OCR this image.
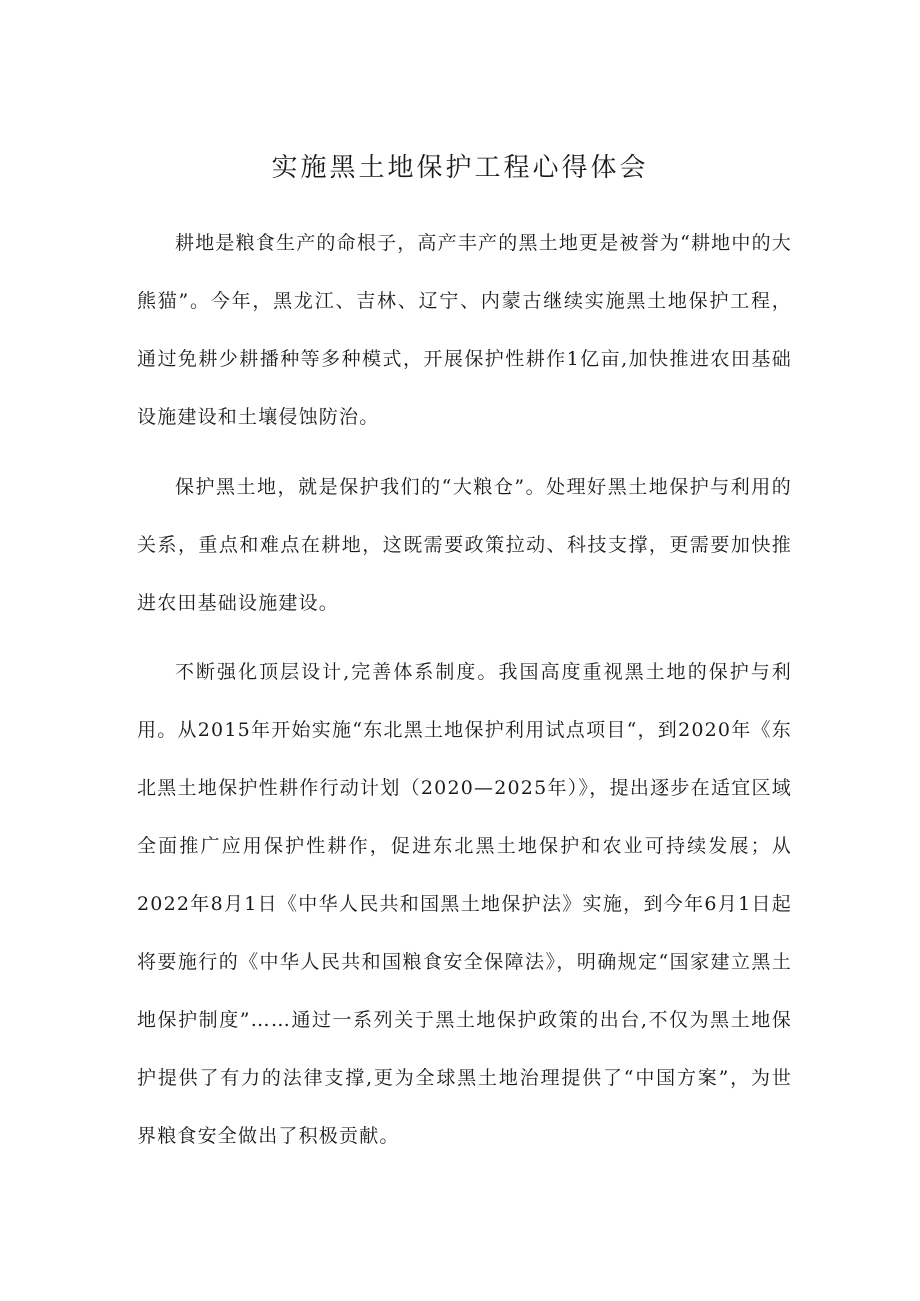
实施黑土地保护工程心得体会

耕地是粮食生产的命根子，高产丰产的黑土地更是被誉为“耕地中的大熊猫”。今年，黑龙江、吉林、辽宁、内蒙古继续实施黑土地保护工程，通过免耕少耕播种等多种模式，开展保护性耕作1亿亩,加快推进农田基础设施建设和土壤侵蚀防治。

保护黑土地，就是保护我们的“大粮仓”。处理好黑土地保护与利用的关系，重点和难点在耕地，这既需要政策拉动、科技支撑，更需要加快推进农田基础设施建设。

不断强化顶层设计,完善体系制度。我国高度重视黑土地的保护与利用。从2015年开始实施“东北黑土地保护利用试点项目“，到2020年《东北黑土地保护性耕作行动计划（2020—2025年）》，提出逐步在适宜区域全面推广应用保护性耕作，促进东北黑土地保护和农业可持续发展；从2022年8月1日《中华人民共和国黑土地保护法》实施，到今年6月1日起将要施行的《中华人民共和国粮食安全保障法》，明确规定“国家建立黑土地保护制度”……通过一系列关于黑土地保护政策的出台,不仅为黑土地保护提供了有力的法律支撑,更为全球黑土地治理提供了“中国方案”，为世界粮食安全做出了积极贡献。
